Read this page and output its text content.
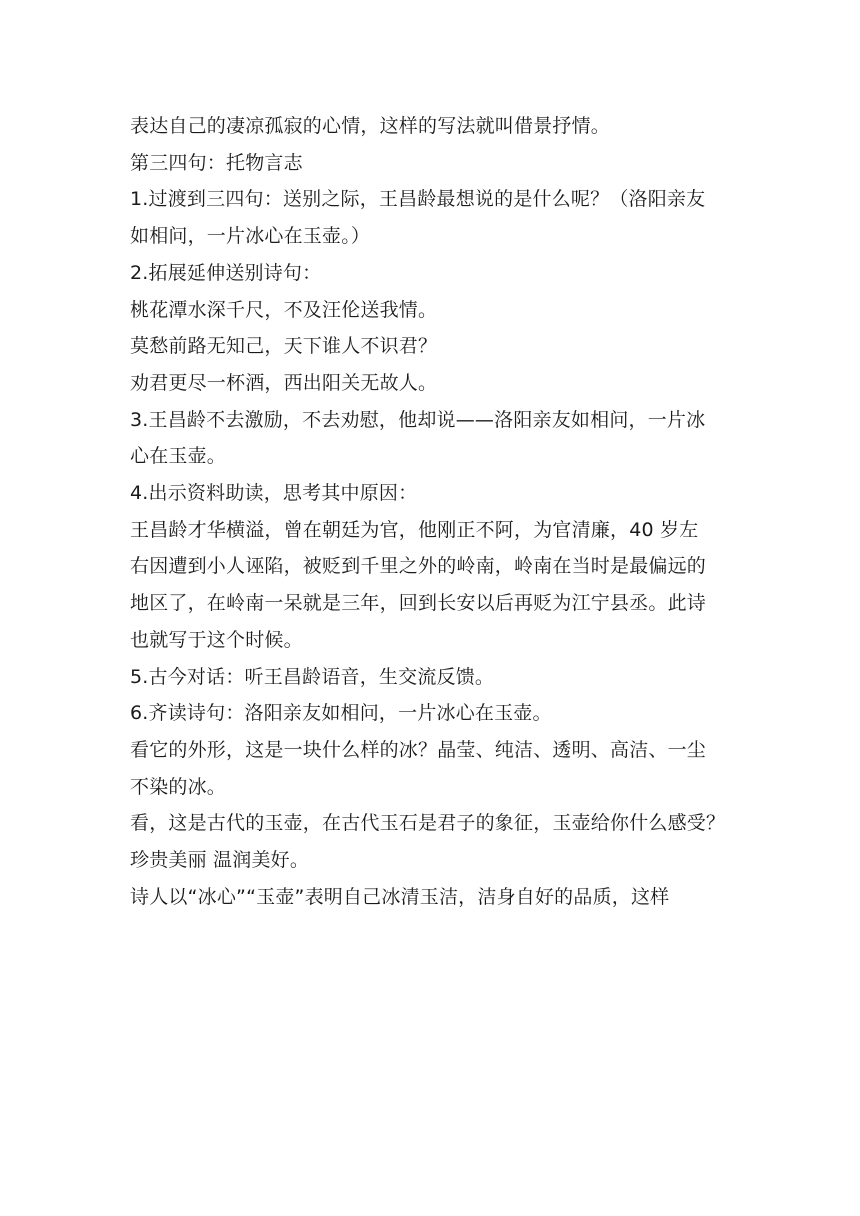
表达自己的凄凉孤寂的心情，这样的写法就叫借景抒情。
第三四句：托物言志
1.过渡到三四句：送别之际，王昌龄最想说的是什么呢？（洛阳亲友
如相问，一片冰心在玉壶。）
2.拓展延伸送别诗句：
桃花潭水深千尺，不及汪伦送我情。
莫愁前路无知己，天下谁人不识君？
劝君更尽一杯酒，西出阳关无故人。
3.王昌龄不去激励，不去劝慰，他却说——洛阳亲友如相问，一片冰
心在玉壶。
4.出示资料助读，思考其中原因：
王昌龄才华横溢，曾在朝廷为官，他刚正不阿，为官清廉，40 岁左
右因遭到小人诬陷，被贬到千里之外的岭南，岭南在当时是最偏远的
地区了，在岭南一呆就是三年，回到长安以后再贬为江宁县丞。此诗
也就写于这个时候。
5.古今对话：听王昌龄语音，生交流反馈。
6.齐读诗句：洛阳亲友如相问，一片冰心在玉壶。
看它的外形，这是一块什么样的冰？晶莹、纯洁、透明、高洁、一尘
不染的冰。
看，这是古代的玉壶，在古代玉石是君子的象征，玉壶给你什么感受？
珍贵美丽 温润美好。
诗人以“冰心”“玉壶”表明自己冰清玉洁，洁身自好的品质，这样
